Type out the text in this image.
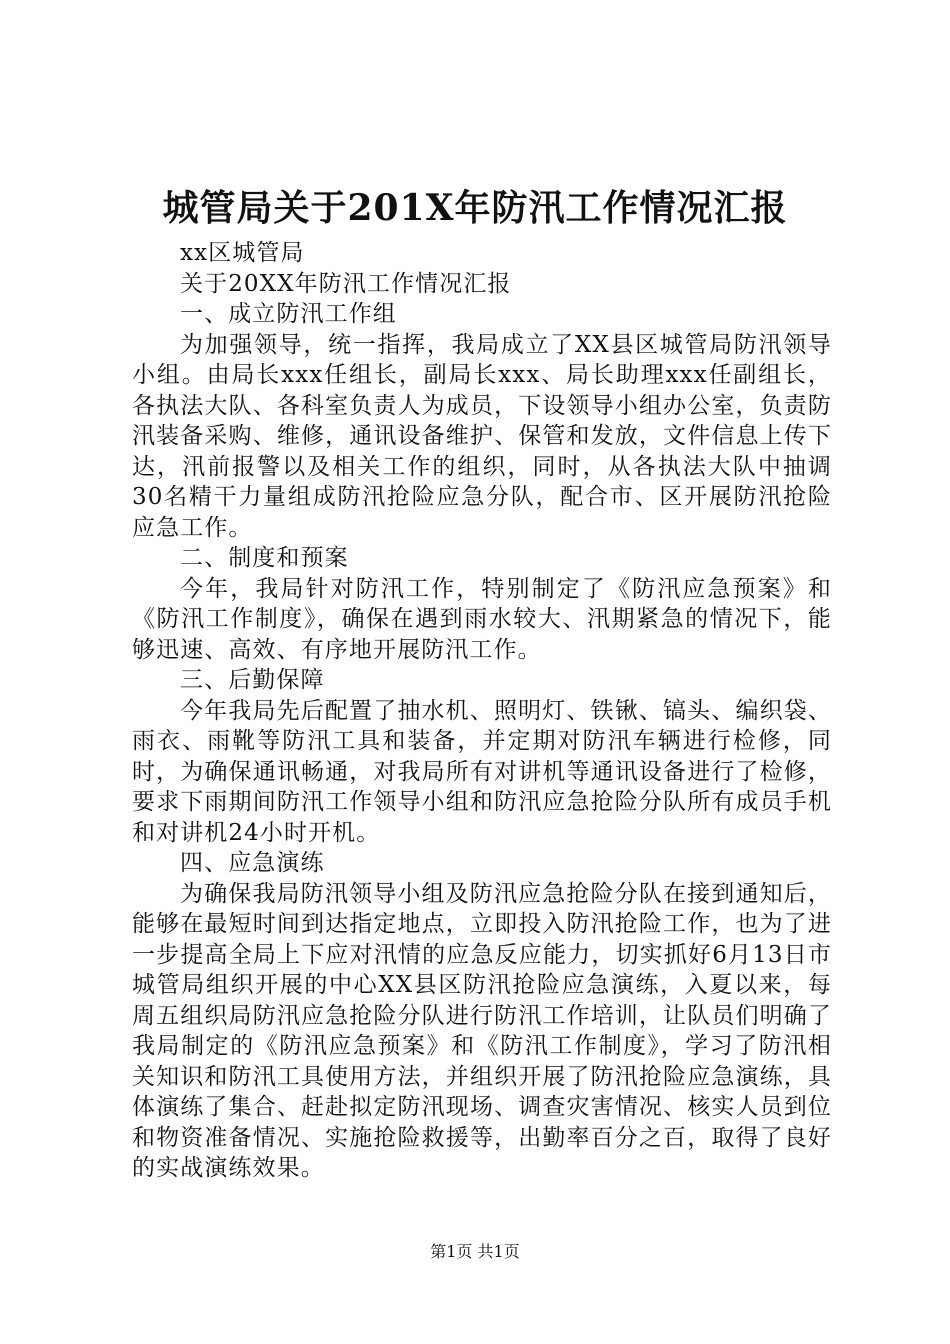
城管局关于201X年防汛工作情况汇报

xx区城管局

关于20XX年防汛工作情况汇报

一、成立防汛工作组

为加强领导，统一指挥，我局成立了XX县区城管局防汛领导小组。由局长xxx任组长，副局长xxx、局长助理xxx任副组长，各执法大队、各科室负责人为成员，下设领导小组办公室，负责防汛装备采购、维修，通讯设备维护、保管和发放，文件信息上传下达，汛前报警以及相关工作的组织，同时，从各执法大队中抽调30名精干力量组成防汛抢险应急分队，配合市、区开展防汛抢险应急工作。

二、制度和预案

今年，我局针对防汛工作，特别制定了《防汛应急预案》和《防汛工作制度》，确保在遇到雨水较大、汛期紧急的情况下，能够迅速、高效、有序地开展防汛工作。

三、后勤保障

今年我局先后配置了抽水机、照明灯、铁锹、镐头、编织袋、雨衣、雨靴等防汛工具和装备，并定期对防汛车辆进行检修，同时，为确保通讯畅通，对我局所有对讲机等通讯设备进行了检修，要求下雨期间防汛工作领导小组和防汛应急抢险分队所有成员手机和对讲机24小时开机。

四、应急演练

为确保我局防汛领导小组及防汛应急抢险分队在接到通知后，能够在最短时间到达指定地点，立即投入防汛抢险工作，也为了进一步提高全局上下应对汛情的应急反应能力，切实抓好6月13日市城管局组织开展的中心XX县区防汛抢险应急演练，入夏以来，每周五组织局防汛应急抢险分队进行防汛工作培训，让队员们明确了我局制定的《防汛应急预案》和《防汛工作制度》，学习了防汛相关知识和防汛工具使用方法，并组织开展了防汛抢险应急演练，具体演练了集合、赶赴拟定防汛现场、调查灾害情况、核实人员到位和物资准备情况、实施抢险救援等，出勤率百分之百，取得了良好的实战演练效果。

第1页 共1页
